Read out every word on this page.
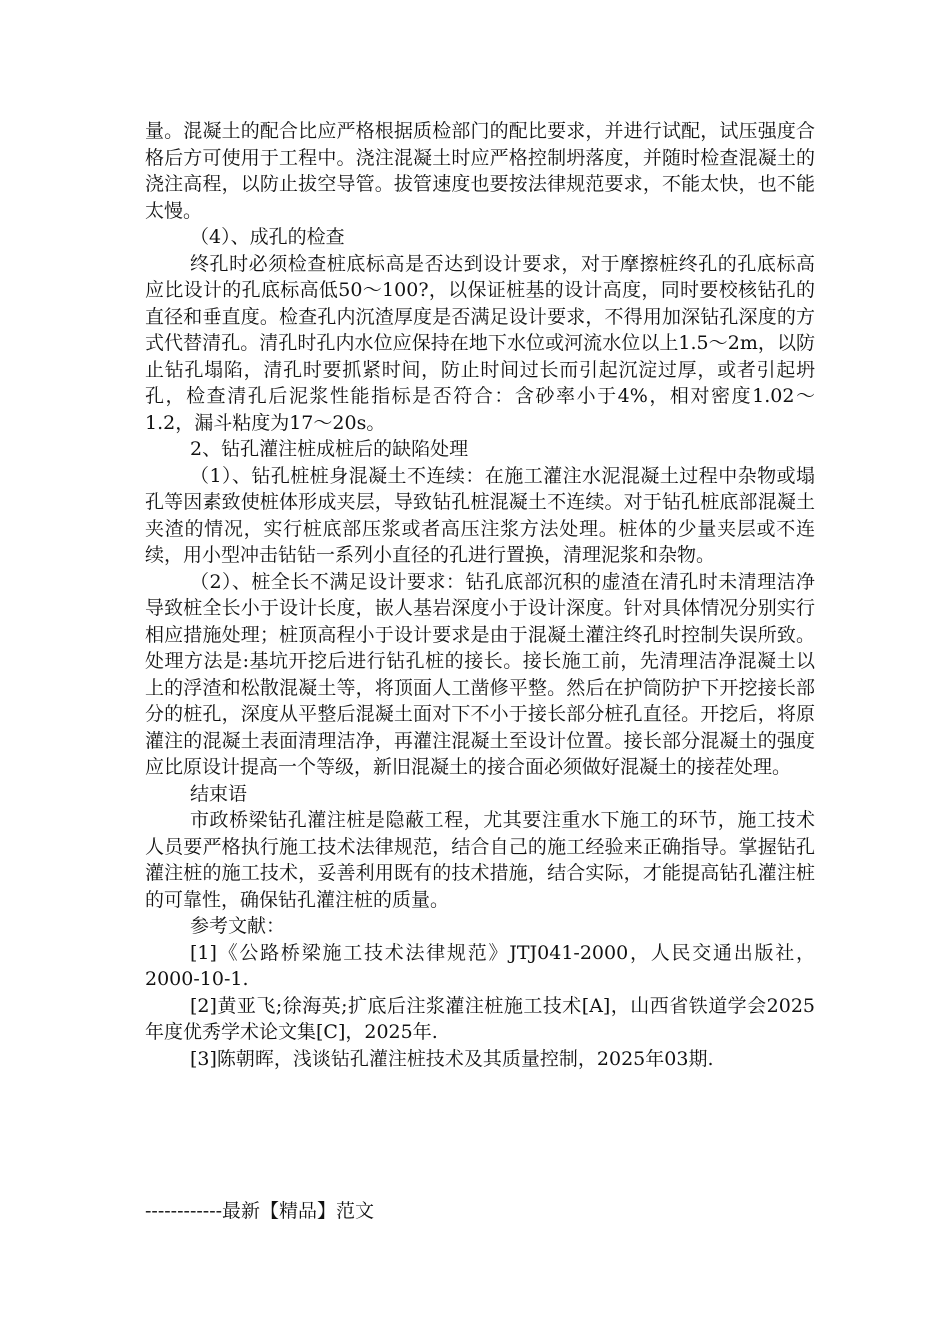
量。混凝土的配合比应严格根据质检部门的配比要求，并进行试配，试压强度合格后方可使用于工程中。浇注混凝土时应严格控制坍落度，并随时检查混凝土的浇注高程，以防止拔空导管。拔管速度也要按法律规范要求，不能太快，也不能太慢。

（4）、成孔的检查

终孔时必须检查桩底标高是否达到设计要求，对于摩擦桩终孔的孔底标高应比设计的孔底标高低50～100?，以保证桩基的设计高度，同时要校核钻孔的直径和垂直度。检查孔内沉渣厚度是否满足设计要求，不得用加深钻孔深度的方式代替清孔。清孔时孔内水位应保持在地下水位或河流水位以上1.5～2m，以防止钻孔塌陷，清孔时要抓紧时间，防止时间过长而引起沉淀过厚，或者引起坍孔，检查清孔后泥浆性能指标是否符合：含砂率小于4%，相对密度1.02～1.2，漏斗粘度为17～20s。

2、钻孔灌注桩成桩后的缺陷处理

（1）、钻孔桩桩身混凝土不连续：在施工灌注水泥混凝土过程中杂物或塌孔等因素致使桩体形成夹层，导致钻孔桩混凝土不连续。对于钻孔桩底部混凝土夹渣的情况，实行桩底部压浆或者高压注浆方法处理。桩体的少量夹层或不连续，用小型冲击钻钻一系列小直径的孔进行置换，清理泥浆和杂物。

（2）、桩全长不满足设计要求：钻孔底部沉积的虚渣在清孔时未清理洁净导致桩全长小于设计长度，嵌人基岩深度小于设计深度。针对具体情况分别实行相应措施处理；桩顶高程小于设计要求是由于混凝土灌注终孔时控制失误所致。处理方法是:基坑开挖后进行钻孔桩的接长。接长施工前，先清理洁净混凝土以上的浮渣和松散混凝土等，将顶面人工凿修平整。然后在护筒防护下开挖接长部分的桩孔，深度从平整后混凝土面对下不小于接长部分桩孔直径。开挖后，将原灌注的混凝土表面清理洁净，再灌注混凝土至设计位置。接长部分混凝土的强度应比原设计提高一个等级，新旧混凝土的接合面必须做好混凝土的接茬处理。

结束语

市政桥梁钻孔灌注桩是隐蔽工程，尤其要注重水下施工的环节，施工技术人员要严格执行施工技术法律规范，结合自己的施工经验来正确指导。掌握钻孔灌注桩的施工技术，妥善利用既有的技术措施，结合实际，才能提高钻孔灌注桩的可靠性，确保钻孔灌注桩的质量。

参考文献：

[1]《公路桥梁施工技术法律规范》JTJ041-2000，人民交通出版社，2000-10-1.

[2]黄亚飞;徐海英;扩底后注浆灌注桩施工技术[A]，山西省铁道学会2025年度优秀学术论文集[C]，2025年.

[3]陈朝晖，浅谈钻孔灌注桩技术及其质量控制，2025年03期.

------------最新【精品】范文
